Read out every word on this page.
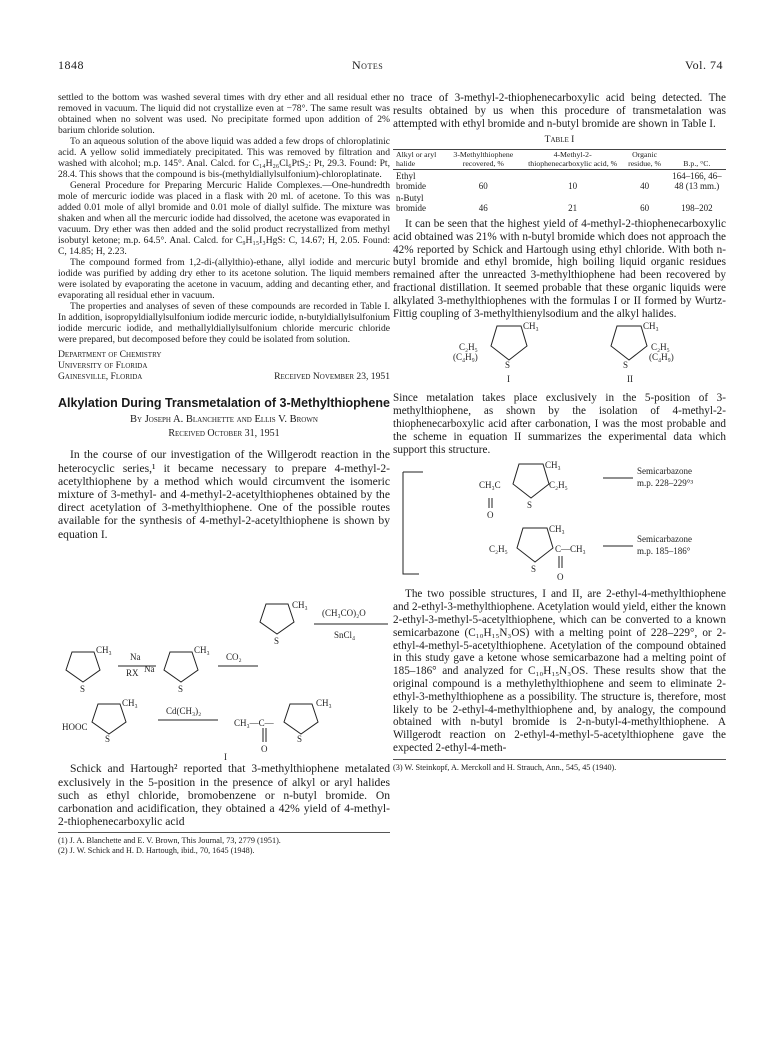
1848	Notes	Vol. 74

settled to the bottom was washed several times with dry ether and all residual ether removed in vacuum. The liquid did not crystallize even at −78°. The same result was obtained when no solvent was used. No precipitate formed upon addition of 2% barium chloride solution.

To an aqueous solution of the above liquid was added a few drops of chloroplatinic acid. A yellow solid immediately precipitated. This was removed by filtration and washed with alcohol; m.p. 145°. Anal. Calcd. for C₁₄H₂₆Cl₆PtS₂: Pt, 29.3. Found: Pt, 28.4. This shows that the compound is bis-(methyldiallylsulfonium)-chloroplatinate.

General Procedure for Preparing Mercuric Halide Complexes.—One-hundredth mole of mercuric iodide was placed in a flask with 20 ml. of acetone. To this was added 0.01 mole of allyl bromide and 0.01 mole of diallyl sulfide. The mixture was shaken and when all the mercuric iodide had dissolved, the acetone was evaporated in vacuum. Dry ether was then added and the solid product recrystallized from methyl isobutyl ketone; m.p. 64.5°. Anal. Calcd. for C₉H₁₅I₃HgS: C, 14.67; H, 2.05. Found: C, 14.85; H, 2.23.

The compound formed from 1,2-di-(allylthio)-ethane, allyl iodide and mercuric iodide was purified by adding dry ether to its acetone solution. The liquid members were isolated by evaporating the acetone in vacuum, adding and decanting ether, and evaporating all residual ether in vacuum.

The properties and analyses of seven of these compounds are recorded in Table I. In addition, isopropyldiallylsulfonium iodide mercuric iodide, n-butyldiallylsulfonium iodide mercuric iodide, and methallyldiallylsulfonium chloride mercuric chloride were prepared, but decomposed before they could be isolated from solution.

Department of Chemistry
University of Florida
Gainesville, Florida	Received November 23, 1951
Alkylation During Transmetalation of 3-Methylthiophene
By Joseph A. Blanchette and Ellis V. Brown
Received October 31, 1951

In the course of our investigation of the Willgerodt reaction in the heterocyclic series,¹ it became necessary to prepare 4-methyl-2-acetylthiophene by a method which would circumvent the isomeric mixture of 3-methyl- and 4-methyl-2-acetylthiophenes obtained by the direct acetylation of 3-methylthiophene. One of the possible routes available for the synthesis of 4-methyl-2-acetylthiophene is shown by equation I.

CH₃	CH₃
Na
RX Na
CO₂
S	S
CH₃
Cd(CH₃)₂
HOOC
S
CH₃—C—
O
CH₃
S
I

Schick and Hartough² reported that 3-methylthiophene metalated exclusively in the 5-position in the presence of alkyl or aryl halides such as ethyl chloride, bromobenzene or n-butyl bromide. On carbonation and acidification, they obtained a 42% yield of 4-methyl-2-thiophenecarboxylic acid

(1) J. A. Blanchette and E. V. Brown, This Journal, 73, 2779 (1951).
(2) J. W. Schick and H. D. Hartough, ibid., 70, 1645 (1948).
CH₃
S
(CH₃CO)₂O
SnCl₄

no trace of 3-methyl-2-thiophenecarboxylic acid being detected. The results obtained by us when this procedure of transmetalation was attempted with ethyl bromide and n-butyl bromide are shown in Table I.

Table I
Alkyl or aryl halide	3-Methylthiophene recovered, %	4-Methyl-2-thiophenecarboxylic acid, %	Organic residue, %	B.p., °C.
Ethyl bromide	60	10	40	164–166, 46–48 (13 mm.)
n-Butyl bromide	46	21	60	198–202

It can be seen that the highest yield of 4-methyl-2-thiophenecarboxylic acid obtained was 21% with n-butyl bromide which does not approach the 42% reported by Schick and Hartough using ethyl chloride. With both n-butyl bromide and ethyl bromide, high boiling liquid organic residues remained after the unreacted 3-methylthiophene had been recovered by fractional distillation. It seemed probable that these organic liquids were alkylated 3-methylthiophenes with the formulas I or II formed by Wurtz-Fittig coupling of 3-methylthienylsodium and the alkyl halides.

CH₃
C₂H₅
(C₄H₉)
S
CH₃
C₂H₅
(C₄H₉)
S
I	II

Since metalation takes place exclusively in the 5-position of 3-methylthiophene, as shown by the isolation of 4-methyl-2-thiophenecarboxylic acid after carbonation, I was the most probable and the scheme in equation II summarizes the experimental data which support this structure.

CH₃
CH₃C	C₂H₅
S
O
Semicarbazone
m.p. 228–229°³
CH₃
C₂H₅	C—CH₃
S
O
Semicarbazone
m.p. 185–186°

The two possible structures, I and II, are 2-ethyl-4-methylthiophene and 2-ethyl-3-methylthiophene. Acetylation would yield, either the known 2-ethyl-3-methyl-5-acetylthiophene, which can be converted to a known semicarbazone (C₁₀H₁₅N₃OS) with a melting point of 228–229°, or 2-ethyl-4-methyl-5-acetylthiophene. Acetylation of the compound obtained in this study gave a ketone whose semicarbazone had a melting point of 185–186° and analyzed for C₁₀H₁₅N₃OS. These results show that the original compound is a methylethylthiophene and seem to eliminate 2-ethyl-3-methylthiophene as a possibility. The structure is, therefore, most likely to be 2-ethyl-4-methylthiophene and, by analogy, the compound obtained with n-butyl bromide is 2-n-butyl-4-methylthiophene. A Willgerodt reaction on 2-ethyl-4-methyl-5-acetylthiophene gave the expected 2-ethyl-4-meth-

(3) W. Steinkopf, A. Merckoll and H. Strauch, Ann., 545, 45 (1940).
